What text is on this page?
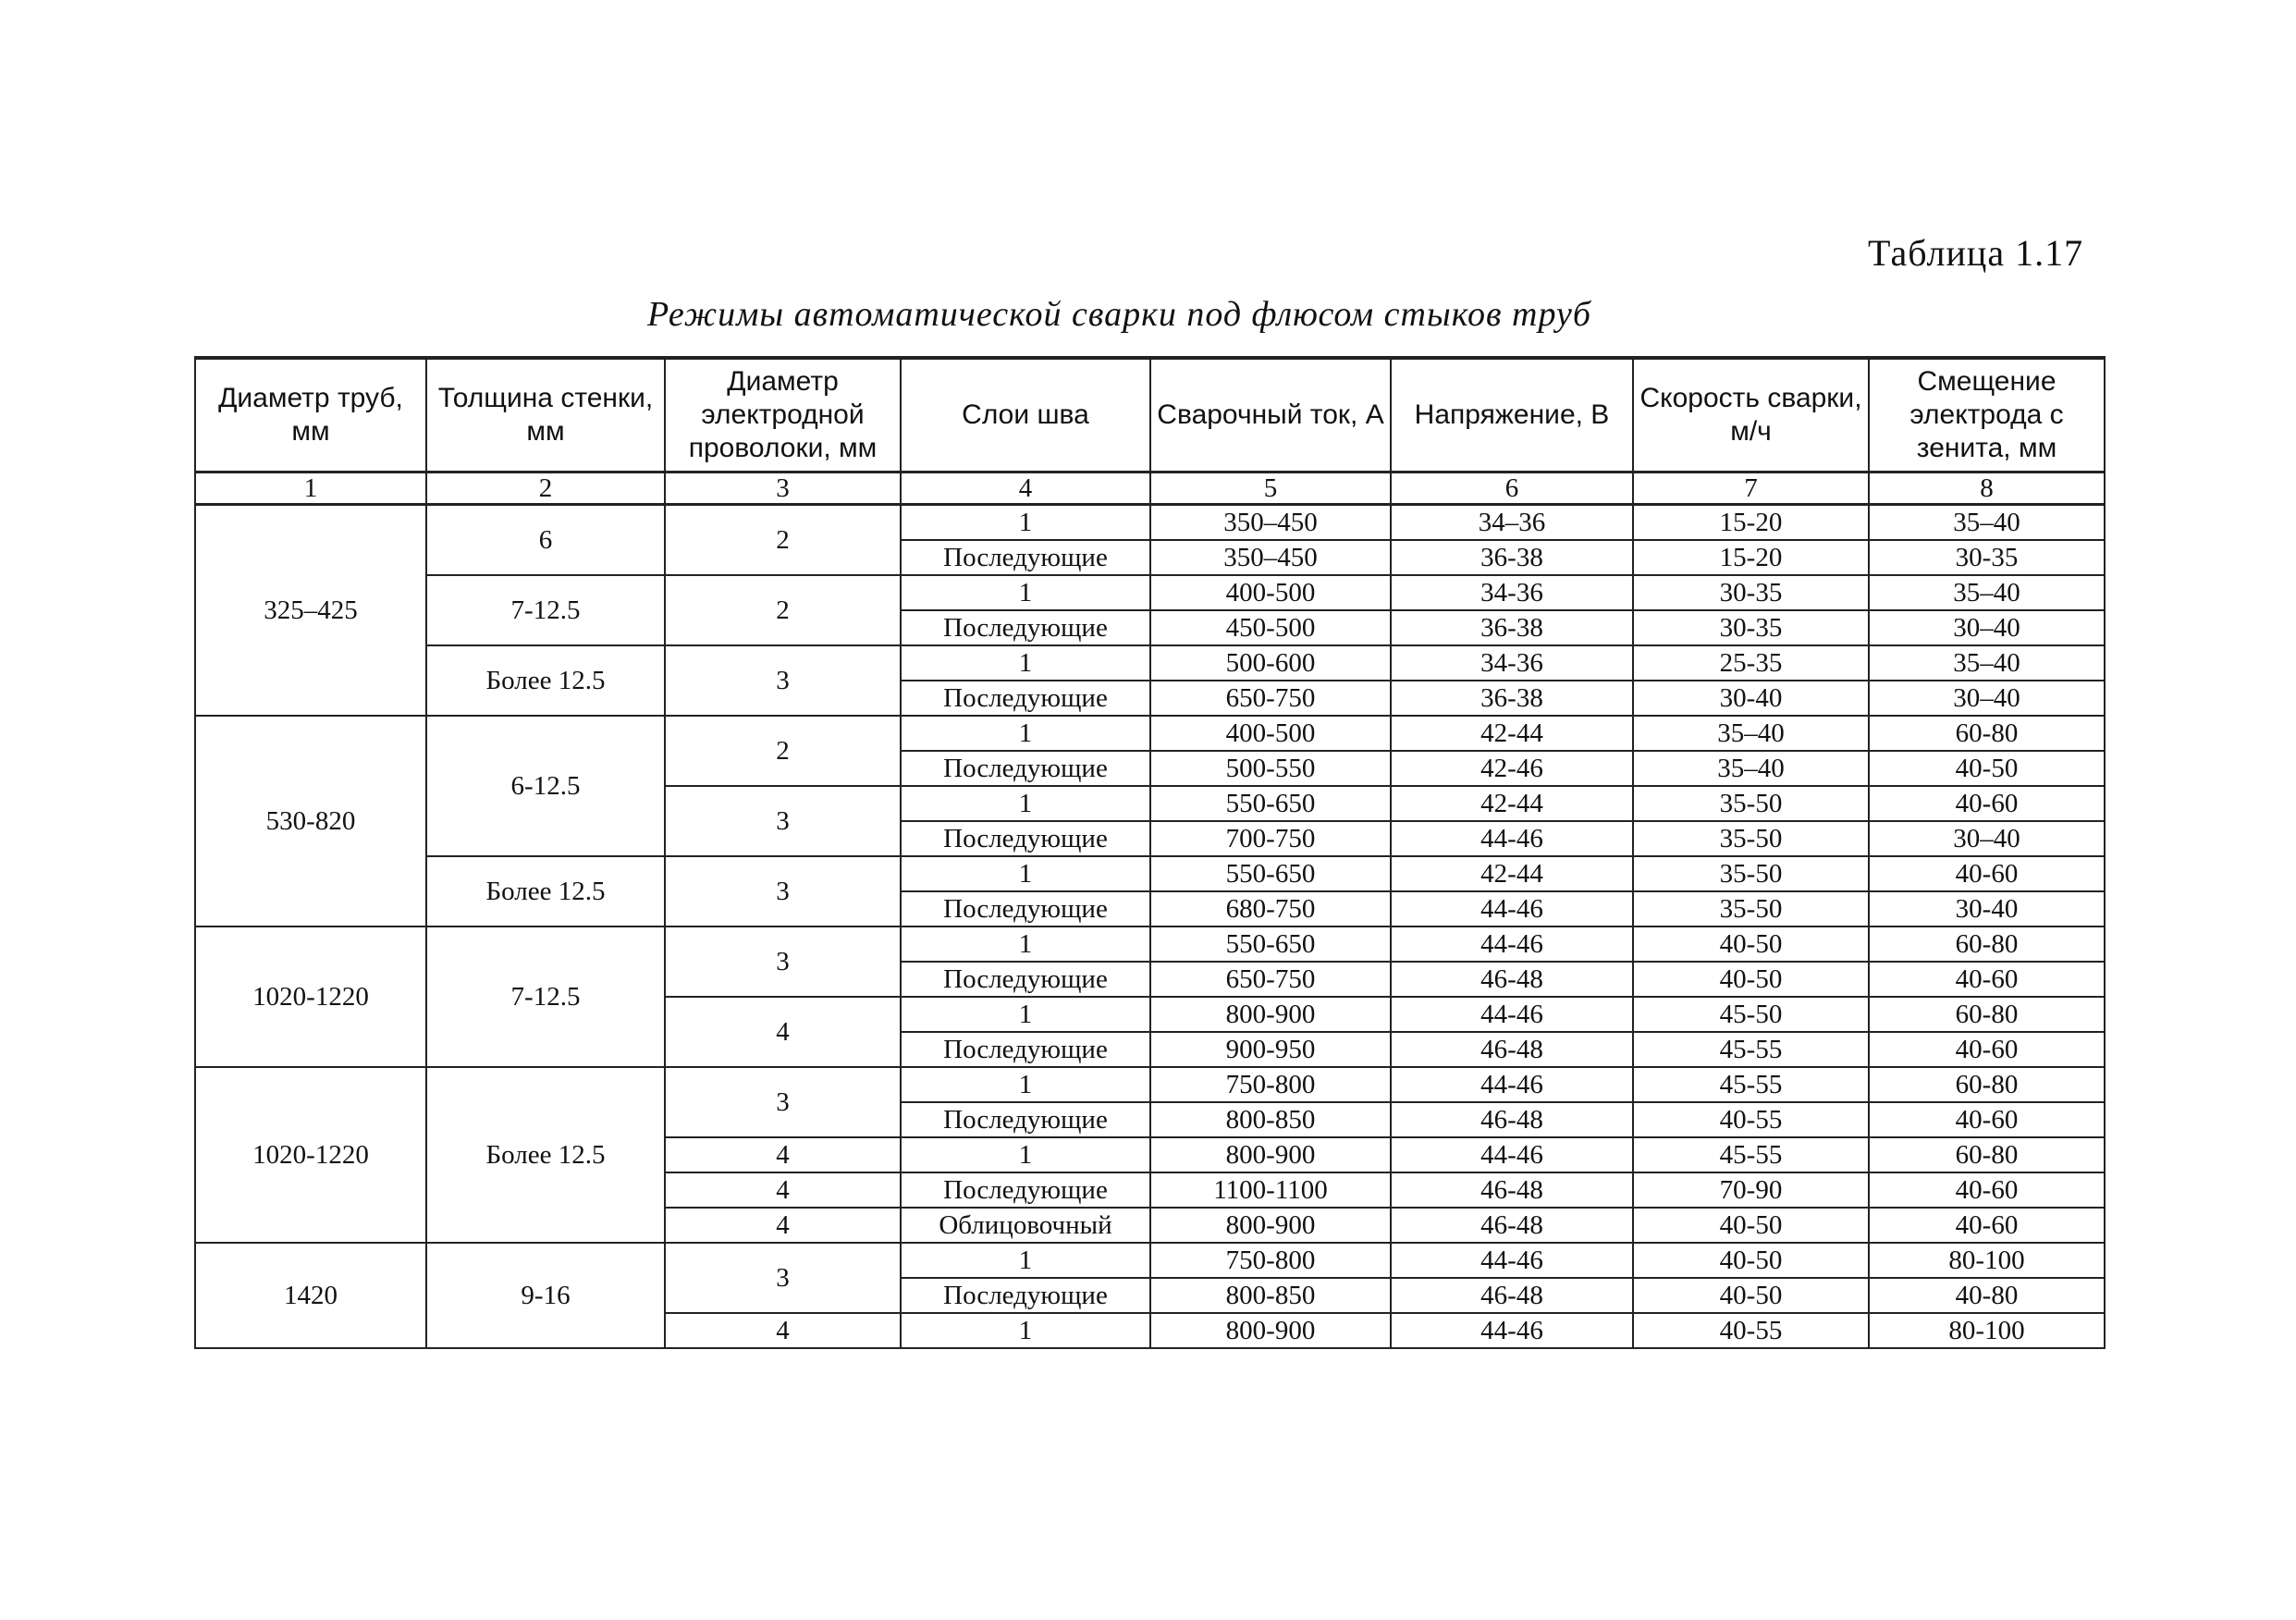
Таблица 1.17
Режимы автоматической сварки под флюсом стыков труб
Диаметр труб, мм	Толщина стенки, мм	Диаметр электродной проволоки, мм	Слои шва	Сварочный ток, А	Напряжение, В	Скорость сварки, м/ч	Смещение электрода с зенита, мм
1	2	3	4	5	6	7	8
325–425	6	2	1	350–450	34–36	15-20	35–40
			Последующие	350–450	36-38	15-20	30-35
	7-12.5	2	1	400-500	34-36	30-35	35–40
			Последующие	450-500	36-38	30-35	30–40
	Более 12.5	3	1	500-600	34-36	25-35	35–40
			Последующие	650-750	36-38	30-40	30–40
530-820	6-12.5	2	1	400-500	42-44	35–40	60-80
			Последующие	500-550	42-46	35–40	40-50
		3	1	550-650	42-44	35-50	40-60
			Последующие	700-750	44-46	35-50	30–40
	Более 12.5	3	1	550-650	42-44	35-50	40-60
			Последующие	680-750	44-46	35-50	30-40
1020-1220	7-12.5	3	1	550-650	44-46	40-50	60-80
			Последующие	650-750	46-48	40-50	40-60
		4	1	800-900	44-46	45-50	60-80
			Последующие	900-950	46-48	45-55	40-60
1020-1220	Более 12.5	3	1	750-800	44-46	45-55	60-80
			Последующие	800-850	46-48	40-55	40-60
		4	1	800-900	44-46	45-55	60-80
		4	Последующие	1100-1100	46-48	70-90	40-60
		4	Облицовочный	800-900	46-48	40-50	40-60
1420	9-16	3	1	750-800	44-46	40-50	80-100
			Последующие	800-850	46-48	40-50	40-80
		4	1	800-900	44-46	40-55	80-100
